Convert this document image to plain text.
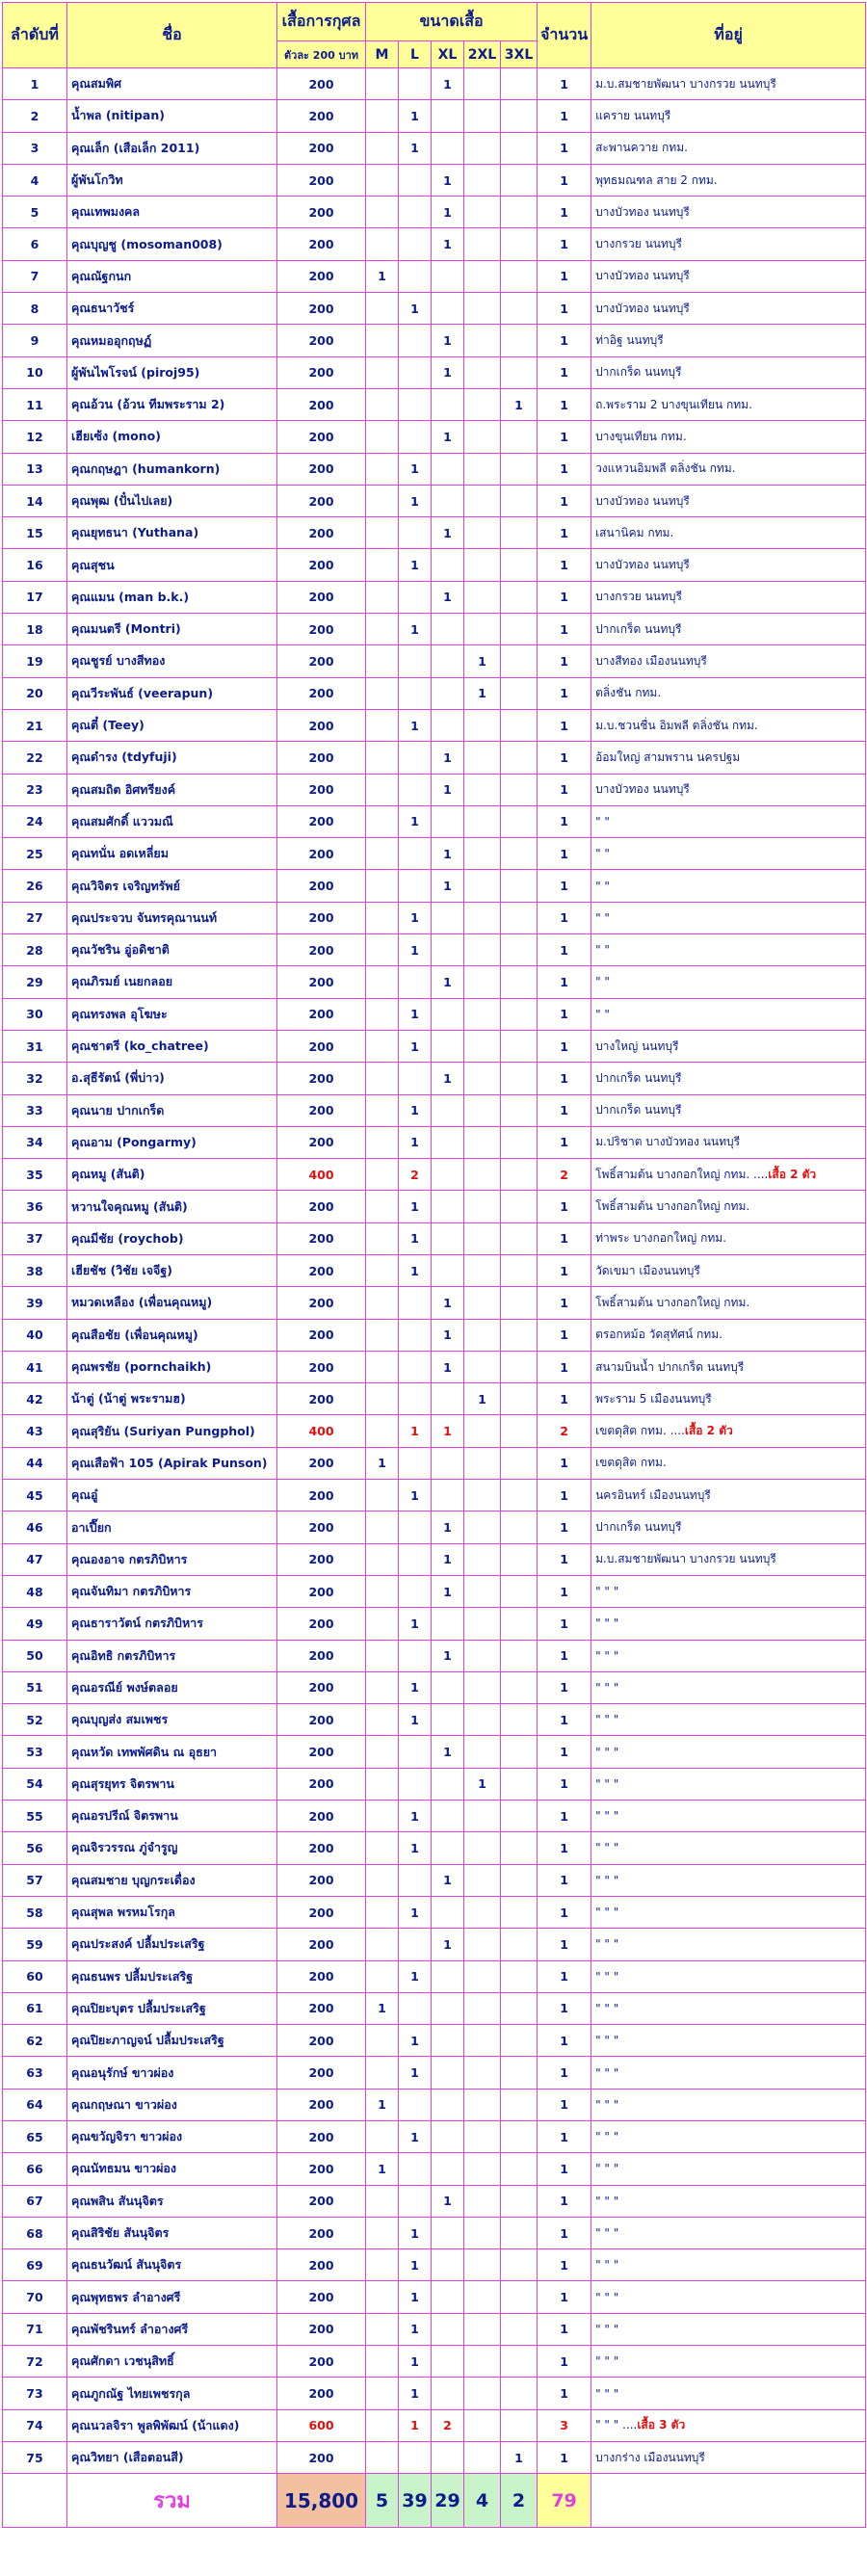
ลำดับที่	ชื่อ	เสื้อการกุศล	ขนาดเสื้อ					จำนวน	ที่อยู่
		ตัวละ 200 บาท	M	L	XL	2XL	3XL		
1	คุณสมพิศ	200			1			1	ม.บ.สมชายพัฒนา บางกรวย นนทบุรี
2	น้ำพล (nitipan)	200		1				1	แคราย นนทบุรี
3	คุณเล็ก (เสือเล็ก 2011)	200		1				1	สะพานควาย กทม.
4	ผู้พันโกวิท	200			1			1	พุทธมณฑล สาย 2 กทม.
5	คุณเทพมงคล	200			1			1	บางบัวทอง นนทบุรี
6	คุณบุญชู (mosoman008)	200			1			1	บางกรวย นนทบุรี
7	คุณณัฐกนก	200	1					1	บางบัวทอง นนทบุรี
8	คุณธนาวัชร์	200		1				1	บางบัวทอง นนทบุรี
9	คุณหมออุกฤษฏ์	200			1			1	ท่าอิฐ นนทบุรี
10	ผู้พันไพโรจน์ (piroj95)	200			1			1	ปากเกร็ด นนทบุรี
11	คุณอ้วน (อ้วน ทีมพระราม 2)	200					1	1	ถ.พระราม 2 บางขุนเทียน กทม.
12	เฮียเซ้ง (mono)	200			1			1	บางขุนเทียน กทม.
13	คุณกฤษฎา (humankorn)	200		1				1	วงแหวนอิมพลี ตลิ่งชัน กทม.
14	คุณพุฒ (ปั๋นไปเลย)	200		1				1	บางบัวทอง นนทบุรี
15	คุณยุทธนา (Yuthana)	200			1			1	เสนานิคม กทม.
16	คุณสุชน	200		1				1	บางบัวทอง นนทบุรี
17	คุณแมน (man b.k.)	200			1			1	บางกรวย นนทบุรี
18	คุณมนตรี (Montri)	200		1				1	ปากเกร็ด นนทบุรี
19	คุณชูรย์ บางสีทอง	200				1		1	บางสีทอง เมืองนนทบุรี
20	คุณวีระพันธ์ (veerapun)	200				1		1	ตลิ่งชัน กทม.
21	คุณตี๋ (Teey)	200		1				1	ม.บ.ชวนชื่น อิมพลี ตลิ่งชัน กทม.
22	คุณดำรง (tdyfuji)	200			1			1	อ้อมใหญ่ สามพราน นครปฐม
23	คุณสมถิต อิศทรียงค์	200			1			1	บางบัวทอง นนทบุรี
24	คุณสมศักดิ์ แววมณี	200		1				1	" "
25	คุณทนั่น อดเหลี่ยม	200			1			1	" "
26	คุณวิจิตร เจริญทรัพย์	200			1			1	" "
27	คุณประจวบ จันทรคุณานนท์	200		1				1	" "
28	คุณวัชริน อู่อดิชาติ	200		1				1	" "
29	คุณภิรมย์ เนยกลอย	200			1			1	" "
30	คุณทรงพล อุโฆษะ	200		1				1	" "
31	คุณชาตรี (ko_chatree)	200		1				1	บางใหญ่ นนทบุรี
32	อ.สุธีรัตน์ (พี่บ่าว)	200			1			1	ปากเกร็ด นนทบุรี
33	คุณนาย ปากเกร็ด	200		1				1	ปากเกร็ด นนทบุรี
34	คุณอาม (Pongarmy)	200		1				1	ม.ปริชาต บางบัวทอง นนทบุรี
35	คุณหมู (สันติ)	400		2				2	โพธิ์สามต้น บางกอกใหญ่ กทม. ....เสื้อ 2 ตัว
36	หวานใจคุณหมู (สันติ)	200		1				1	โพธิ์สามต้น บางกอกใหญ่ กทม.
37	คุณมีชัย (roychob)	200		1				1	ท่าพระ บางกอกใหญ่ กทม.
38	เฮียชัช (วิชัย เจจีฐ)	200		1				1	วัดเขมา เมืองนนทบุรี
39	หมวดเหลือง (เพื่อนคุณหมู)	200			1			1	โพธิ์สามต้น บางกอกใหญ่ กทม.
40	คุณสือชัย (เพื่อนคุณหมู)	200			1			1	ตรอกหม้อ วัดสุทัศน์ กทม.
41	คุณพรชัย (pornchaikh)	200			1			1	สนามบินน้ำ ปากเกร็ด นนทบุรี
42	น้าตู่ (น้าตู่ พระรามฮ)	200				1		1	พระราม 5 เมืองนนทบุรี
43	คุณสุริยัน (Suriyan Pungphol)	400		1	1			2	เขตดุสิต กทม. ....เสื้อ 2 ตัว
44	คุณเสือฟ้า 105 (Apirak Punson)	200	1					1	เขตดุสิต กทม.
45	คุณอู๋	200		1				1	นครอินทร์ เมืองนนทบุรี
46	อาเปี๊ยก	200			1			1	ปากเกร็ด นนทบุรี
47	คุณองอาจ กตรภิบิหาร	200			1			1	ม.บ.สมชายพัฒนา บางกรวย นนทบุรี
48	คุณจันทิมา กตรภิบิหาร	200			1			1	" " "
49	คุณธาราวัตน์ กตรภิบิหาร	200		1				1	" " "
50	คุณอิทธิ กตรภิบิหาร	200			1			1	" " "
51	คุณอรณีย์ พงษ์ตลอย	200		1				1	" " "
52	คุณบุญส่ง สมเพชร	200		1				1	" " "
53	คุณหวัด เทพพัศดิน ณ อุธยา	200			1			1	" " "
54	คุณสุรยุทร จิตรพาน	200				1		1	" " "
55	คุณอรปรีณ์ จิตรพาน	200		1				1	" " "
56	คุณจิรวรรณ ภู่จำรูญ	200		1				1	" " "
57	คุณสมชาย บุญกระเดื่อง	200			1			1	" " "
58	คุณสุพล พรหมโรกุล	200		1				1	" " "
59	คุณประสงค์ ปลื้มประเสริฐ	200			1			1	" " "
60	คุณธนพร ปลื้มประเสริฐ	200		1				1	" " "
61	คุณปิยะบุตร ปลื้มประเสริฐ	200	1					1	" " "
62	คุณปิยะภาญจน์ ปลื้มประเสริฐ	200		1				1	" " "
63	คุณอนุรักษ์ ขาวผ่อง	200		1				1	" " "
64	คุณกฤษณา ขาวผ่อง	200	1					1	" " "
65	คุณขวัญจิรา ขาวผ่อง	200		1				1	" " "
66	คุณนัทธมน ขาวผ่อง	200	1					1	" " "
67	คุณพสิน สันนุจิตร	200			1			1	" " "
68	คุณสิริชัย สันนุจิตร	200		1				1	" " "
69	คุณธนวัฒน์ สันนุจิตร	200		1				1	" " "
70	คุณพุทธพร ลำอางศรี	200		1				1	" " "
71	คุณพัชรินทร์ ลำอางศรี	200		1				1	" " "
72	คุณศักดา เวชนุสิทธิ์	200		1				1	" " "
73	คุณภูกณัฐ ไทยเพชรกุล	200		1				1	" " "
74	คุณนวลจิรา พูลพิพัฒน์ (น้าแดง)	600		1	2			3	" " " ....เสื้อ 3 ตัว
75	คุณวิทยา (เสือตอนสี)	200					1	1	บางกร่าง เมืองนนทบุรี
	รวม	15,800	5	39	29	4	2	79	
